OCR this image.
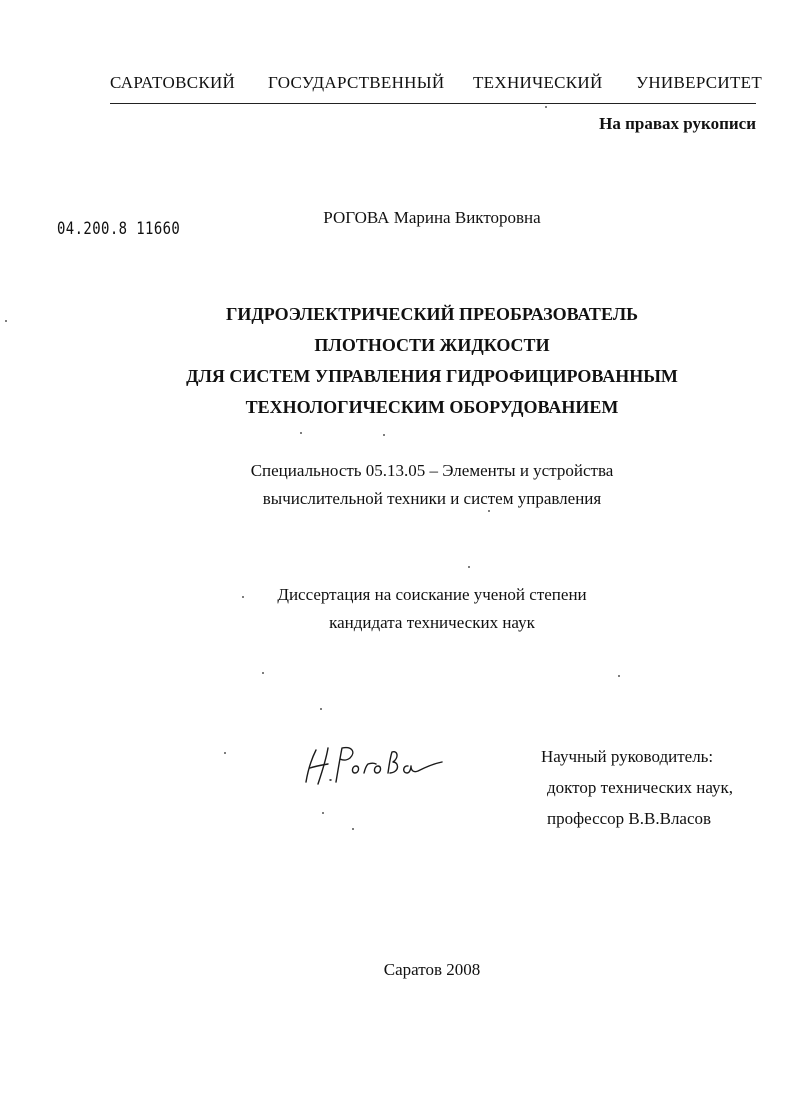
САРАТОВСКИЙ ГОСУДАРСТВЕННЫЙ ТЕХНИЧЕСКИЙ УНИВЕРСИТЕТ
На правах рукописи
04.200.8 11660
РОГОВА Марина Викторовна
ГИДРОЭЛЕКТРИЧЕСКИЙ ПРЕОБРАЗОВАТЕЛЬ
ПЛОТНОСТИ ЖИДКОСТИ
ДЛЯ СИСТЕМ УПРАВЛЕНИЯ ГИДРОФИЦИРОВАННЫМ
ТЕХНОЛОГИЧЕСКИМ ОБОРУДОВАНИЕМ
Специальность 05.13.05 – Элементы и устройства
вычислительной техники и систем управления
Диссертация на соискание ученой степени
кандидата технических наук
Научный руководитель:
доктор технических наук,
профессор В.В.Власов
Саратов 2008
